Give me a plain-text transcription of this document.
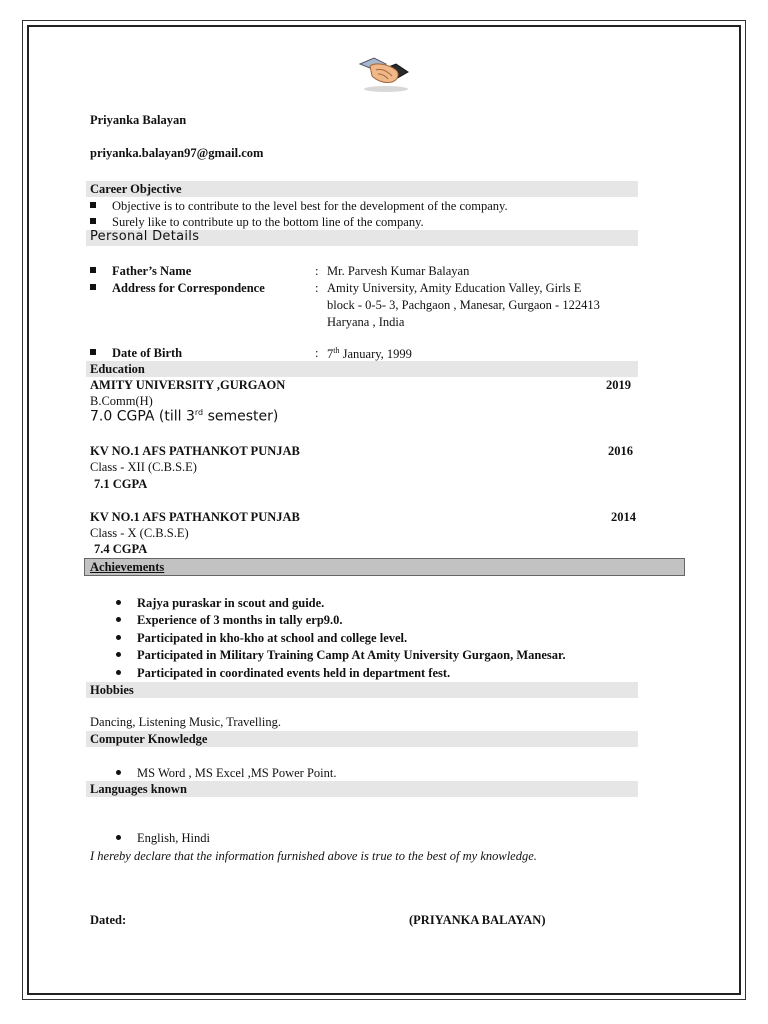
Priyanka Balayan
priyanka.balayan97@gmail.com
Career Objective
Objective is to contribute to the level best for the development of the company.
Surely like to contribute up to the bottom line of the company.
Personal Details
Father’s Name	: Mr. Parvesh Kumar Balayan
Address for Correspondence	: Amity University, Amity Education Valley, Girls E
block - 0-5- 3, Pachgaon , Manesar, Gurgaon - 122413
Haryana , India
Date of Birth	: 7th January, 1999
Education
AMITY UNIVERSITY ,GURGAON	2019
B.Comm(H)
7.0 CGPA (till 3rd semester)
KV NO.1 AFS PATHANKOT PUNJAB	2016
Class - XII (C.B.S.E)
7.1 CGPA
KV NO.1 AFS PATHANKOT PUNJAB	2014
Class - X (C.B.S.E)
7.4 CGPA
Achievements
Rajya puraskar in scout and guide.
Experience of 3 months in tally erp9.0.
Participated in kho-kho at school and college level.
Participated in Military Training Camp At Amity University Gurgaon, Manesar.
Participated in coordinated events held in department fest.
Hobbies
Dancing, Listening Music, Travelling.
Computer Knowledge
MS Word , MS Excel ,MS Power Point.
Languages known
English, Hindi
I hereby declare that the information furnished above is true to the best of my knowledge.
Dated:	(PRIYANKA BALAYAN)
